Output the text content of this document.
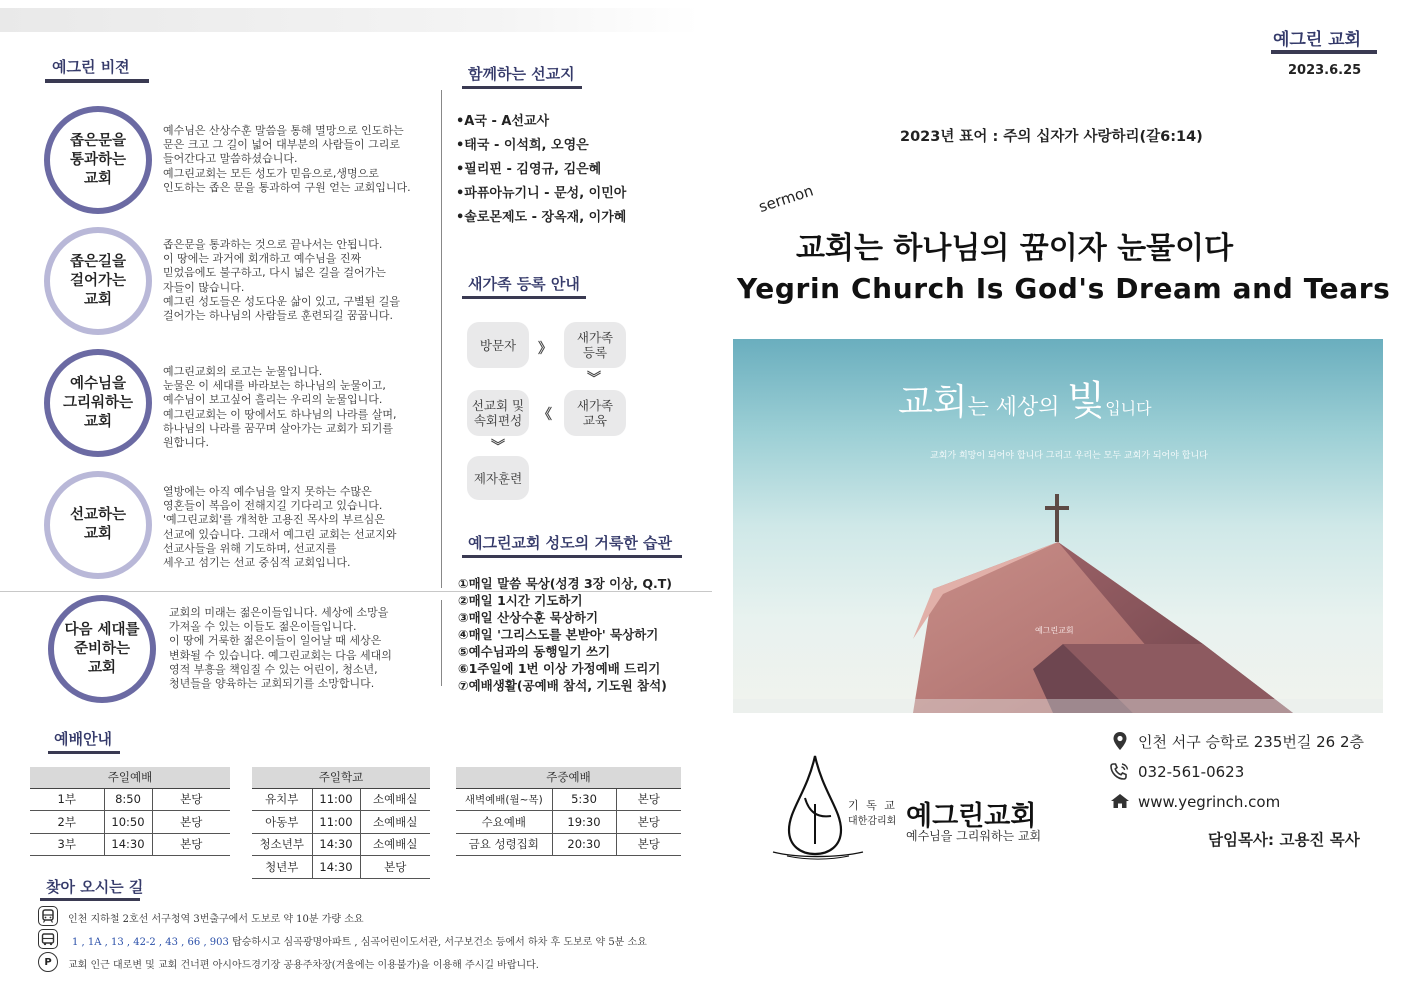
예그린 비젼
좁은문을
통과하는
교회
예수님은 산상수훈 말씀을 통해 멸망으로 인도하는
문은 크고 그 길이 넓어 대부분의 사람들이 그리로
들어간다고 말씀하셨습니다.
예그린교회는 모든 성도가 믿음으로,생명으로
인도하는 좁은 문을 통과하여 구원 얻는 교회입니다.
좁은길을
걸어가는
교회
좁은문을 통과하는 것으로 끝나서는 안됩니다.
이 땅에는 과거에 회개하고 예수님을 진짜
믿었음에도 불구하고, 다시 넓은 길을 걸어가는
자들이 많습니다.
예그린 성도들은 성도다운 삶이 있고, 구별된 길을
걸어가는 하나님의 사람들로 훈련되길 꿈꿉니다.
예수님을
그리워하는
교회
예그린교회의 로고는 눈물입니다.
눈물은 이 세대를 바라보는 하나님의 눈물이고,
예수님이 보고싶어 흘리는 우리의 눈물입니다.
예그린교회는 이 땅에서도 하나님의 나라를 살며,
하나님의 나라를 꿈꾸며 살아가는 교회가 되기를
원합니다.
선교하는
교회
열방에는 아직 예수님을 알지 못하는 수많은
영혼들이 복음이 전해지길 기다리고 있습니다.
'예그린교회'를 개척한 고용진 목사의 부르심은
선교에 있습니다. 그래서 예그린 교회는 선교지와
선교사들을 위해 기도하며, 선교지를
세우고 섬기는 선교 중심적 교회입니다.
다음 세대를
준비하는
교회
교회의 미래는 젊은이들입니다. 세상에 소망을
가져올 수 있는 이들도 젊은이들입니다.
이 땅에 거룩한 젊은이들이 일어날 때 세상은
변화될 수 있습니다. 예그린교회는 다음 세대의
영적 부흥을 책임질 수 있는 어린이, 청소년,
청년들을 양육하는 교회되기를 소망합니다.
함께하는 선교지
•A국 - A선교사
•태국 - 이석희, 오영은
•필리핀 - 김영규, 김은혜
•파퓨아뉴기니 - 문성, 이민아
•솔로몬제도 - 장옥재, 이가혜
새가족 등록 안내
방문자	》
새가족
등록
︾
새가족
교육
《
선교회 및
속회편성
︾
제자훈련
예그린교회 성도의 거룩한 습관
①매일 말씀 묵상(성경 3장 이상, Q.T)
②매일 1시간 기도하기
③매일 산상수훈 묵상하기
④매일 '그리스도를 본받아' 묵상하기
⑤예수님과의 동행일기 쓰기
⑥1주일에 1번 이상 가정예배 드리기
⑦예배생활(공예배 참석, 기도원 참석)
예배안내
주일예배		
1부	8:50	본당
2부	10:50	본당
3부	14:30	본당
주일학교		
유치부	11:00	소예배실
아동부	11:00	소예배실
청소년부	14:30	소예배실
청년부	14:30	본당
주중예배		
새벽예배(월~목)	5:30	본당
수요예배	19:30	본당
금요 성령집회	20:30	본당
찾아 오시는 길
인천 지하철 2호선 서구청역 3번출구에서 도보로 약 10분 가량 소요
1 , 1A , 13 , 42-2 , 43 , 66 , 903 탑승하시고 심곡광명아파트 , 심곡어린이도서관, 서구보건소 등에서 하차 후 도보로 약 5분 소요
P	교회 인근 대로변 및 교회 건너편 아시아드경기장 공용주차장(겨울에는 이용불가)을 이용해 주시길 바랍니다.
예그린 교회
2023.6.25
2023년 표어 : 주의 십자가 사랑하리(갈6:14)
sermon
교회는 하나님의 꿈이자 눈물이다
Yegrin Church Is God's Dream and Tears
교회는 세상의 빛입니다
교회가 희망이 되어야 합니다 그리고 우리는 모두 교회가 되어야 합니다
예그린교회
기 독 교
대한감리회 예그린교회
예수님을 그리워하는 교회
인천 서구 승학로 235번길 26 2층
032-561-0623
www.yegrinch.com
담임목사: 고용진 목사
